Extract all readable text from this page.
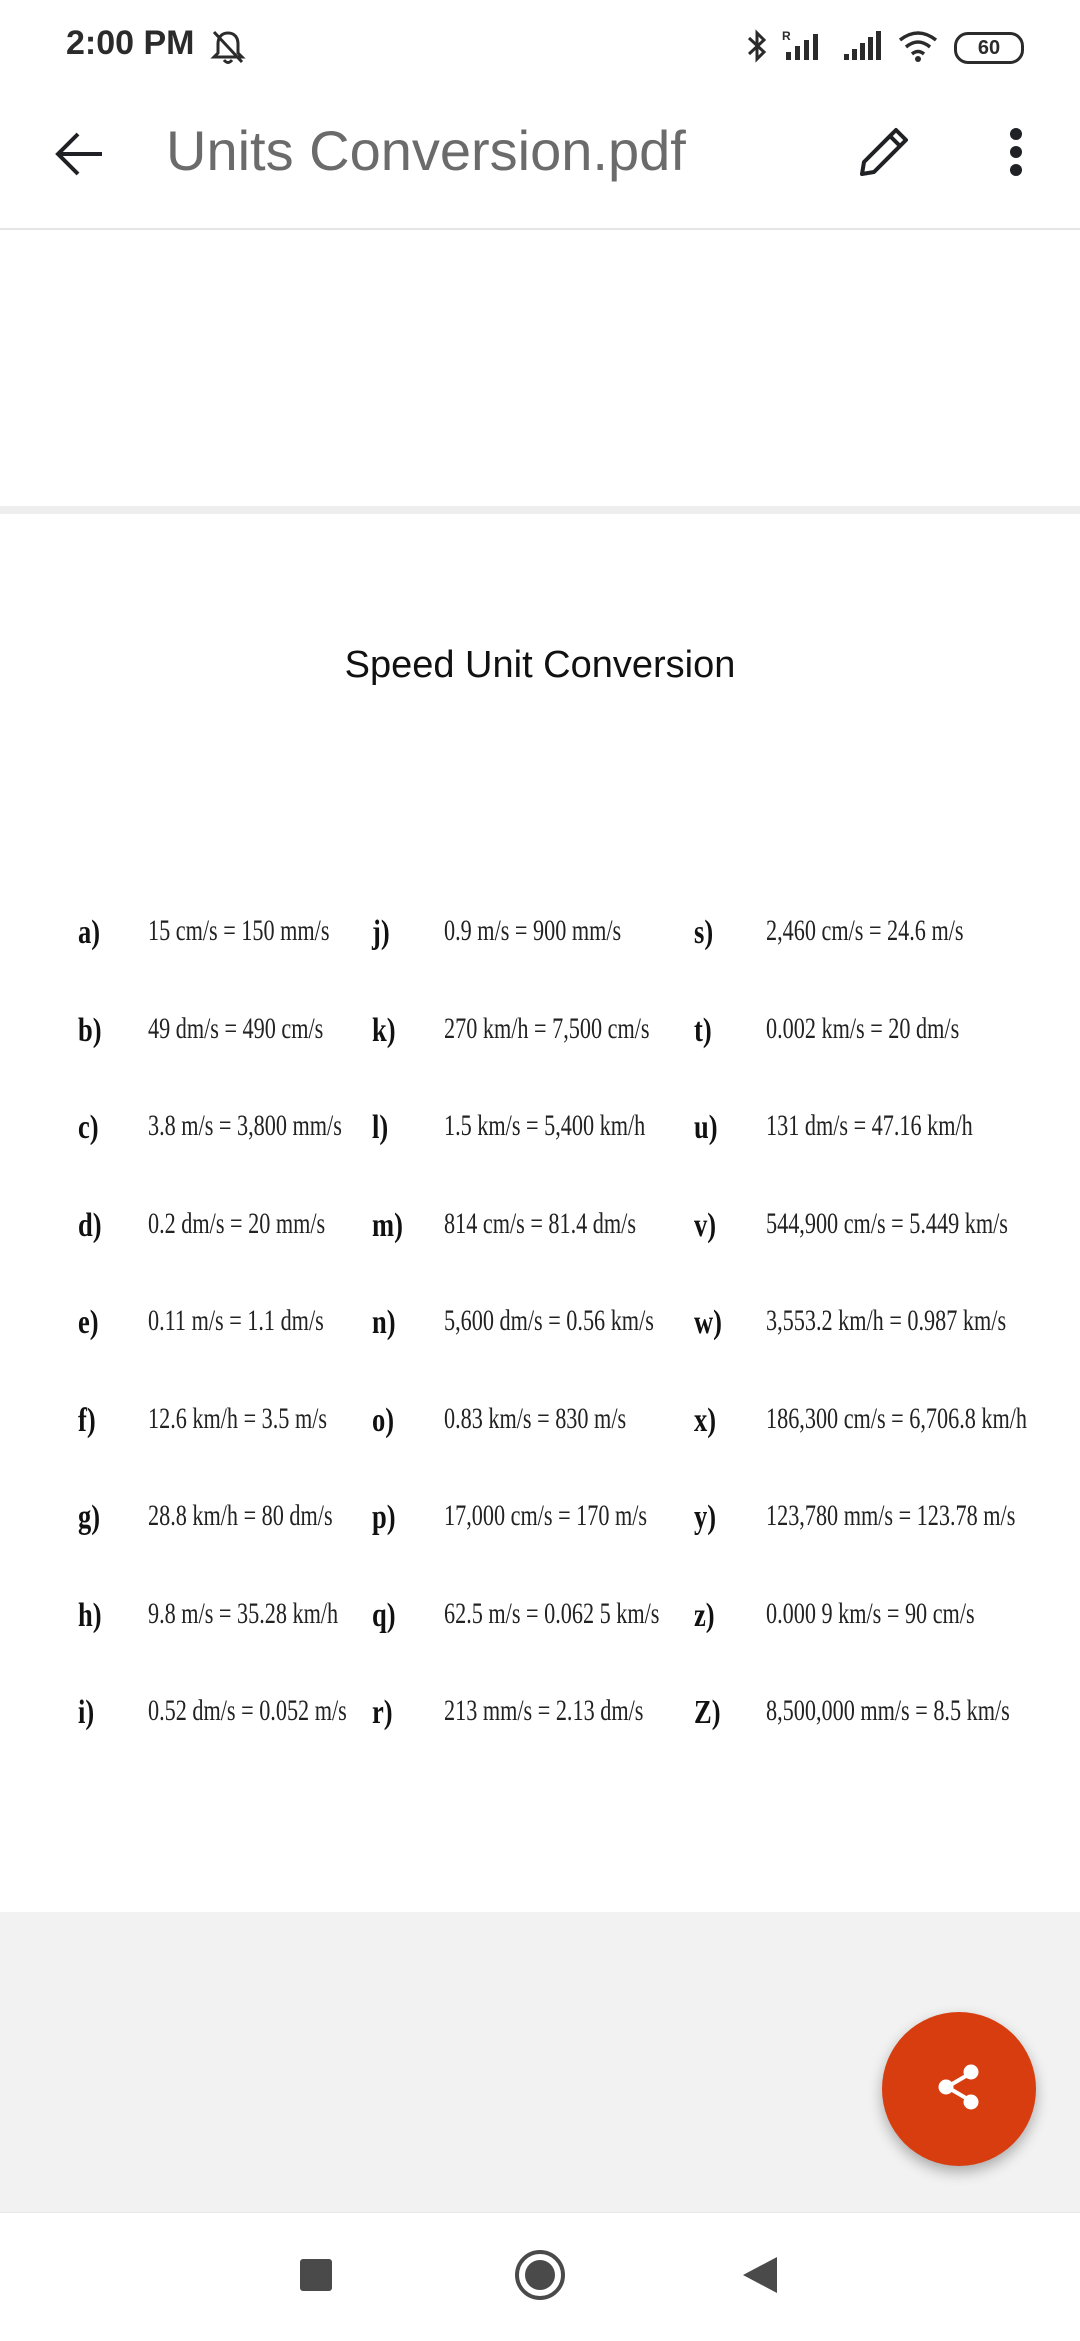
2:00 PM	R
60
Units Conversion.pdf
Speed Unit Conversion
a)	15 cm/s = 150 mm/s
b)	49 dm/s = 490 cm/s
c)	3.8 m/s = 3,800 mm/s
d)	0.2 dm/s = 20 mm/s
e)	0.11 m/s = 1.1 dm/s
f)	12.6 km/h = 3.5 m/s
g)	28.8 km/h = 80 dm/s
h)	9.8 m/s = 35.28 km/h
i)	0.52 dm/s = 0.052 m/s
j)	0.9 m/s = 900 mm/s
k)	270 km/h = 7,500 cm/s
l)	1.5 km/s = 5,400 km/h
m)	814 cm/s = 81.4 dm/s
n)	5,600 dm/s = 0.56 km/s
o)	0.83 km/s = 830 m/s
p)	17,000 cm/s = 170 m/s
q)	62.5 m/s = 0.062 5 km/s
r)	213 mm/s = 2.13 dm/s
s)	2,460 cm/s = 24.6 m/s
t)	0.002 km/s = 20 dm/s
u)	131 dm/s = 47.16 km/h
v)	544,900 cm/s = 5.449 km/s
w)	3,553.2 km/h = 0.987 km/s
x)	186,300 cm/s = 6,706.8 km/h
y)	123,780 mm/s = 123.78 m/s
z)	0.000 9 km/s = 90 cm/s
Z)	8,500,000 mm/s = 8.5 km/s
